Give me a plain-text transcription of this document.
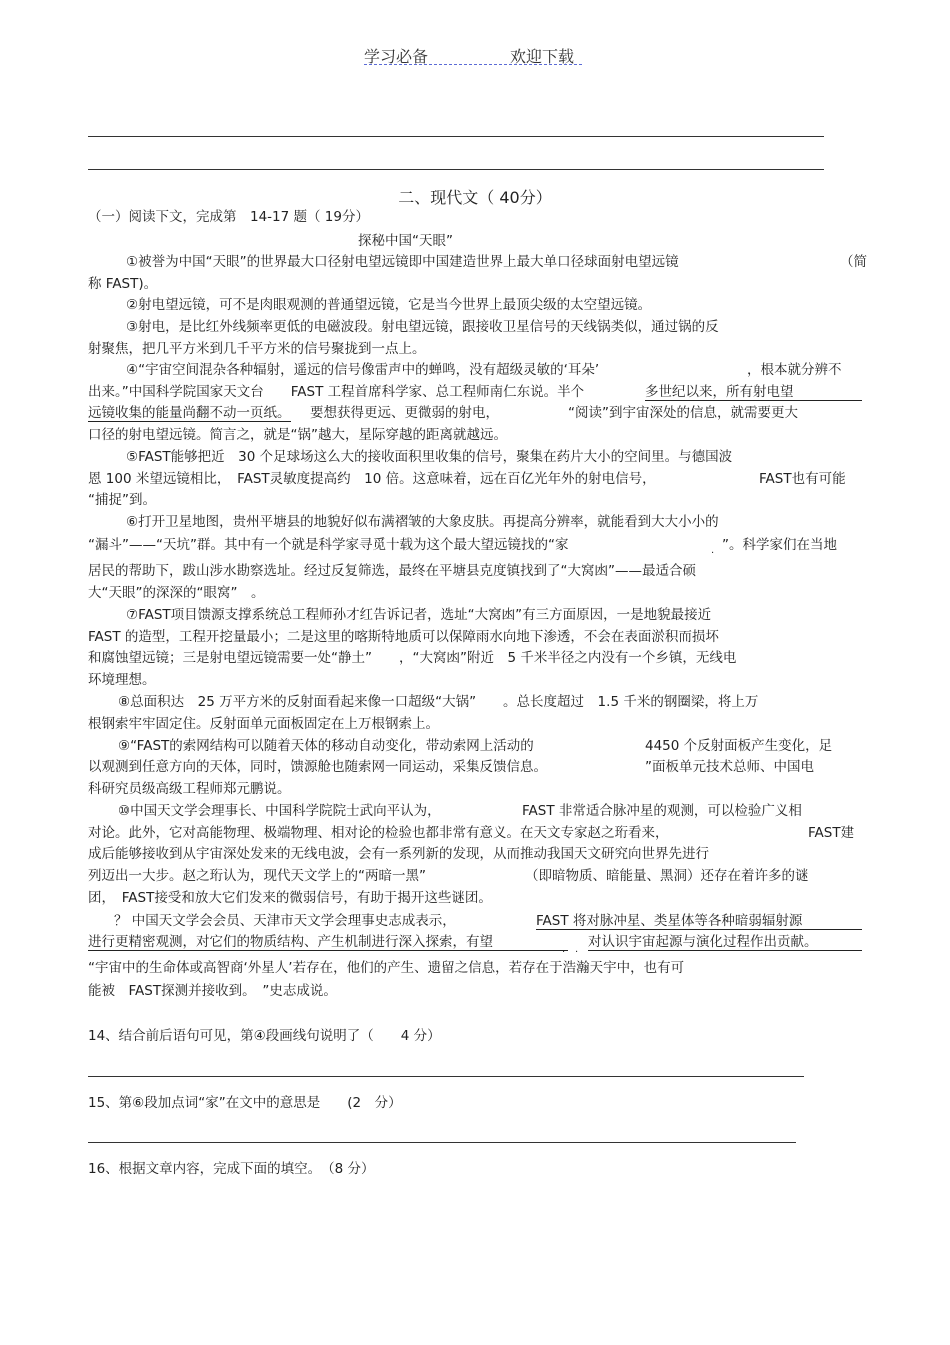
学习必备	欢迎下载
二、现代文（ 40分）
（一）阅读下文，完成第　14-17 题（ 19分）
探秘中国“天眼”
①被誉为中国“天眼”的世界最大口径射电望远镜即中国建造世界上最大单口径球面射电望远镜	（简
称 FAST)。
②射电望远镜，可不是肉眼观测的普通望远镜，它是当今世界上最顶尖级的太空望远镜。
③射电，是比红外线频率更低的电磁波段。射电望远镜，跟接收卫星信号的天线锅类似，通过锅的反
射聚焦，把几平方米到几千平方米的信号聚拢到一点上。
④“宇宙空间混杂各种辐射，遥远的信号像雷声中的蝉鸣，没有超级灵敏的‘耳朵’	，根本就分辨不
出来。”中国科学院国家天文台　　FAST 工程首席科学家、总工程师南仁东说。半个	多世纪以来，所有射电望
远镜收集的能量尚翻不动一页纸。 要想获得更远、更微弱的射电，	“阅读”到宇宙深处的信息，就需要更大
口径的射电望远镜。简言之，就是“锅”越大，星际穿越的距离就越远。
⑤FAST能够把近　30 个足球场这么大的接收面积里收集的信号，聚集在药片大小的空间里。与德国波
恩 100 米望远镜相比，　FAST灵敏度提高约　10 倍。这意味着，远在百亿光年外的射电信号，	FAST也有可能
“捕捉”到。
⑥打开卫星地图，贵州平塘县的地貌好似布满褶皱的大象皮肤。再提高分辨率，就能看到大大小小的
“漏斗”——“天坑”群。其中有一个就是科学家寻觅十载为这个最大望远镜找的“家
·
”。科学家们在当地
居民的帮助下，跋山涉水勘察选址。经过反复筛选，最终在平塘县克度镇找到了“大窝凼”——最适合硕
大“天眼”的深深的“眼窝”　。
⑦FAST项目馈源支撑系统总工程师孙才红告诉记者，选址“大窝凼”有三方面原因，一是地貌最接近
FAST 的造型，工程开挖量最小；二是这里的喀斯特地质可以保障雨水向地下渗透，不会在表面淤积而损坏
和腐蚀望远镜；三是射电望远镜需要一处“静土”　　，“大窝凼”附近　5 千米半径之内没有一个乡镇，无线电
环境理想。
⑧总面积达　25 万平方米的反射面看起来像一口超级“大锅”　　。总长度超过　1.5 千米的钢圈梁，将上万
根钢索牢牢固定住。反射面单元面板固定在上万根钢索上。
⑨“FAST的索网结构可以随着天体的移动自动变化，带动索网上活动的	4450 个反射面板产生变化，足
以观测到任意方向的天体，同时，馈源舱也随索网一同运动，采集反馈信息。	”面板单元技术总师、中国电
科研究员级高级工程师郑元鹏说。
⑩中国天文学会理事长、中国科学院院士武向平认为，	FAST 非常适合脉冲星的观测，可以检验广义相
对论。此外，它对高能物理、极端物理、相对论的检验也都非常有意义。在天文专家赵之珩看来，	FAST建
成后能够接收到从宇宙深处发来的无线电波，会有一系列新的发现，从而推动我国天文研究向世界先进行
列迈出一大步。赵之珩认为，现代天文学上的“两暗一黑”	（即暗物质、暗能量、黑洞）还存在着许多的谜
团，　FAST接受和放大它们发来的微弱信号，有助于揭开这些谜团。
？ 中国天文学会会员、天津市天文学会理事史志成表示，	FAST 将对脉冲星、类星体等各种暗弱辐射源
进行更精密观测，对它们的物质结构、产生机制进行深入探索，有望
· ·
对认识宇宙起源与演化过程作出贡献。
“宇宙中的生命体或高智商‘外星人’若存在，他们的产生、遗留之信息，若存在于浩瀚天宇中，也有可
能被　FAST探测并接收到。　”史志成说。
14、结合前后语句可见，第④段画线句说明了（　　4 分）
15、第⑥段加点词“家”在文中的意思是　　(2　分）
16、根据文章内容，完成下面的填空。　（8 分）
